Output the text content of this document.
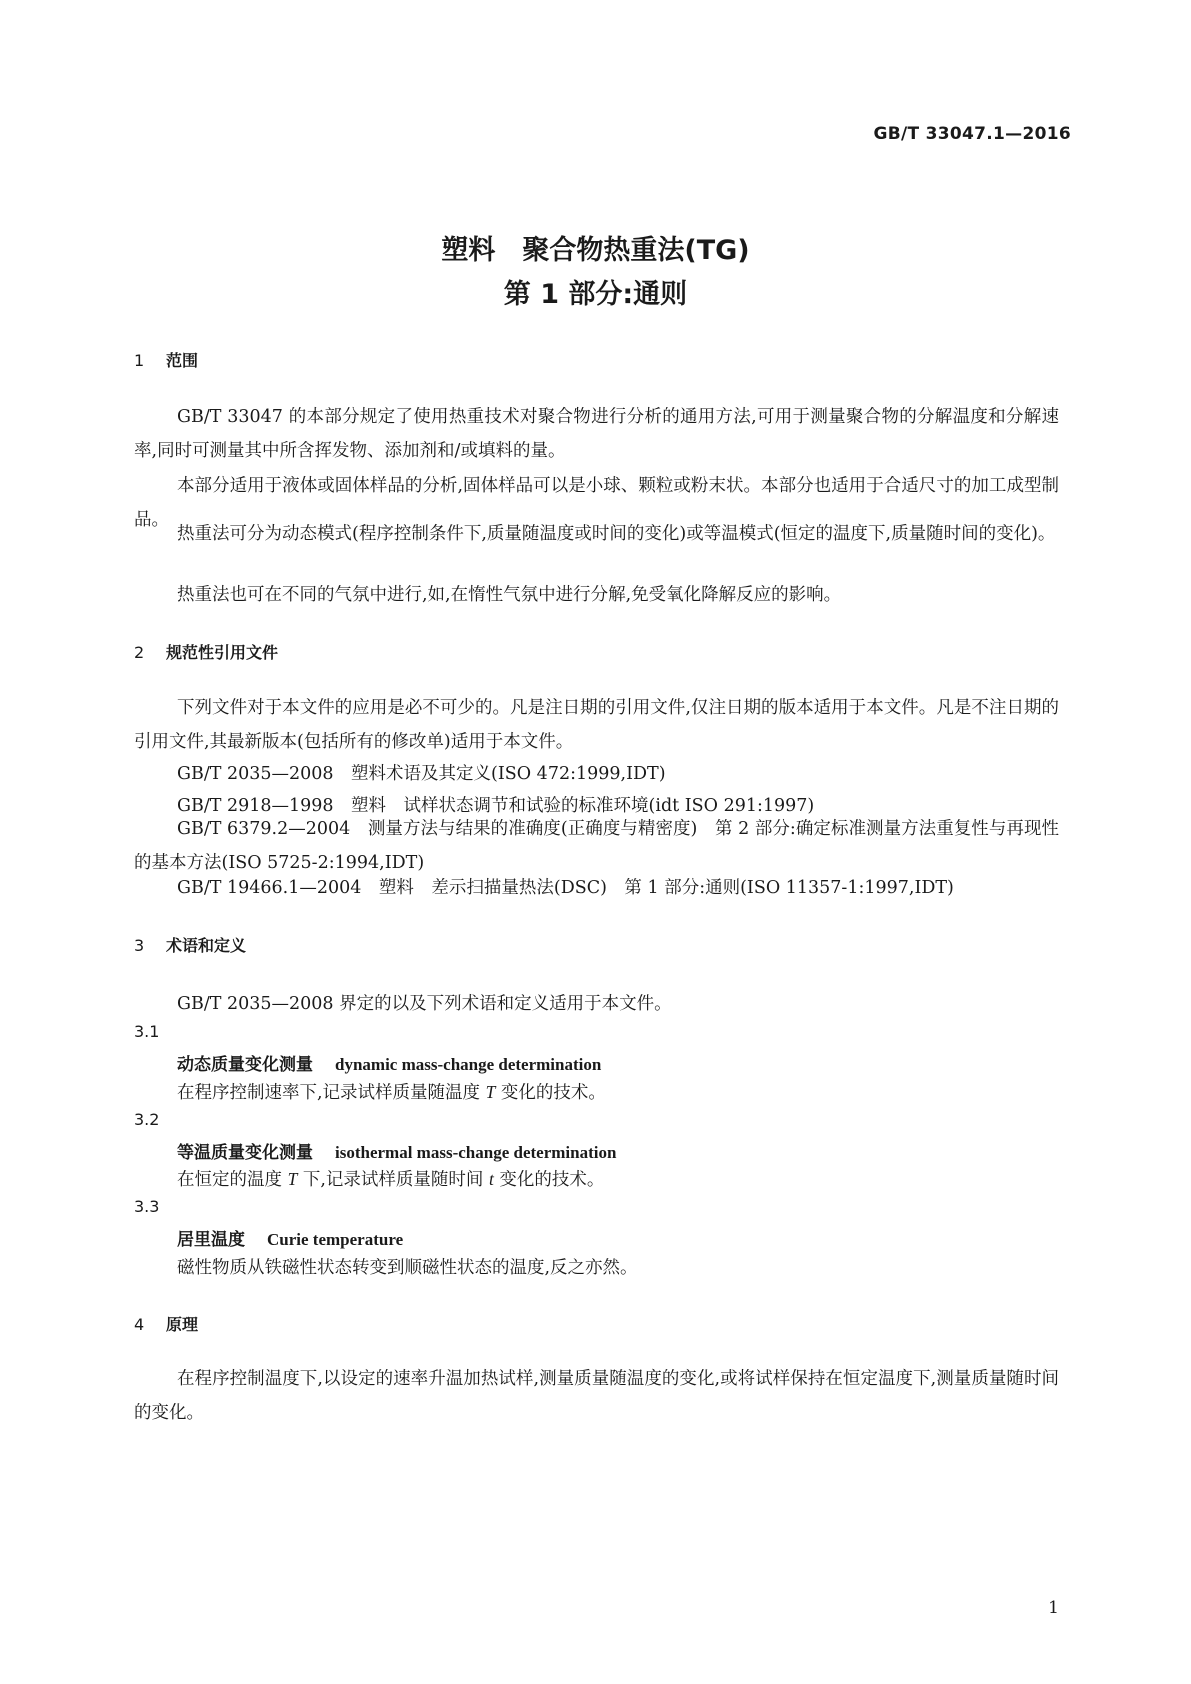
GB/T 33047.1—2016
塑料　聚合物热重法(TG)
第 1 部分:通则
1 范围

GB/T 33047 的本部分规定了使用热重技术对聚合物进行分析的通用方法,可用于测量聚合物的分解温度和分解速率,同时可测量其中所含挥发物、添加剂和/或填料的量。

本部分适用于液体或固体样品的分析,固体样品可以是小球、颗粒或粉末状。本部分也适用于合适尺寸的加工成型制品。

热重法可分为动态模式(程序控制条件下,质量随温度或时间的变化)或等温模式(恒定的温度下,质量随时间的变化)。

热重法也可在不同的气氛中进行,如,在惰性气氛中进行分解,免受氧化降解反应的影响。

2 规范性引用文件

下列文件对于本文件的应用是必不可少的。凡是注日期的引用文件,仅注日期的版本适用于本文件。凡是不注日期的引用文件,其最新版本(包括所有的修改单)适用于本文件。

GB/T 2035—2008　塑料术语及其定义(ISO 472:1999,IDT)
GB/T 2918—1998　塑料　试样状态调节和试验的标准环境(idt ISO 291:1997)

GB/T 6379.2—2004　测量方法与结果的准确度(正确度与精密度)　第 2 部分:确定标准测量方法重复性与再现性的基本方法(ISO 5725-2:1994,IDT)

GB/T 19466.1—2004　塑料　差示扫描量热法(DSC)　第 1 部分:通则(ISO 11357-1:1997,IDT)
3 术语和定义
GB/T 2035—2008 界定的以及下列术语和定义适用于本文件。
3.1
动态质量变化测量 dynamic mass-change determination
在程序控制速率下,记录试样质量随温度 T 变化的技术。
3.2
等温质量变化测量 isothermal mass-change determination
在恒定的温度 T 下,记录试样质量随时间 t 变化的技术。
3.3
居里温度 Curie temperature
磁性物质从铁磁性状态转变到顺磁性状态的温度,反之亦然。
4 原理

在程序控制温度下,以设定的速率升温加热试样,测量质量随温度的变化,或将试样保持在恒定温度下,测量质量随时间的变化。

1
